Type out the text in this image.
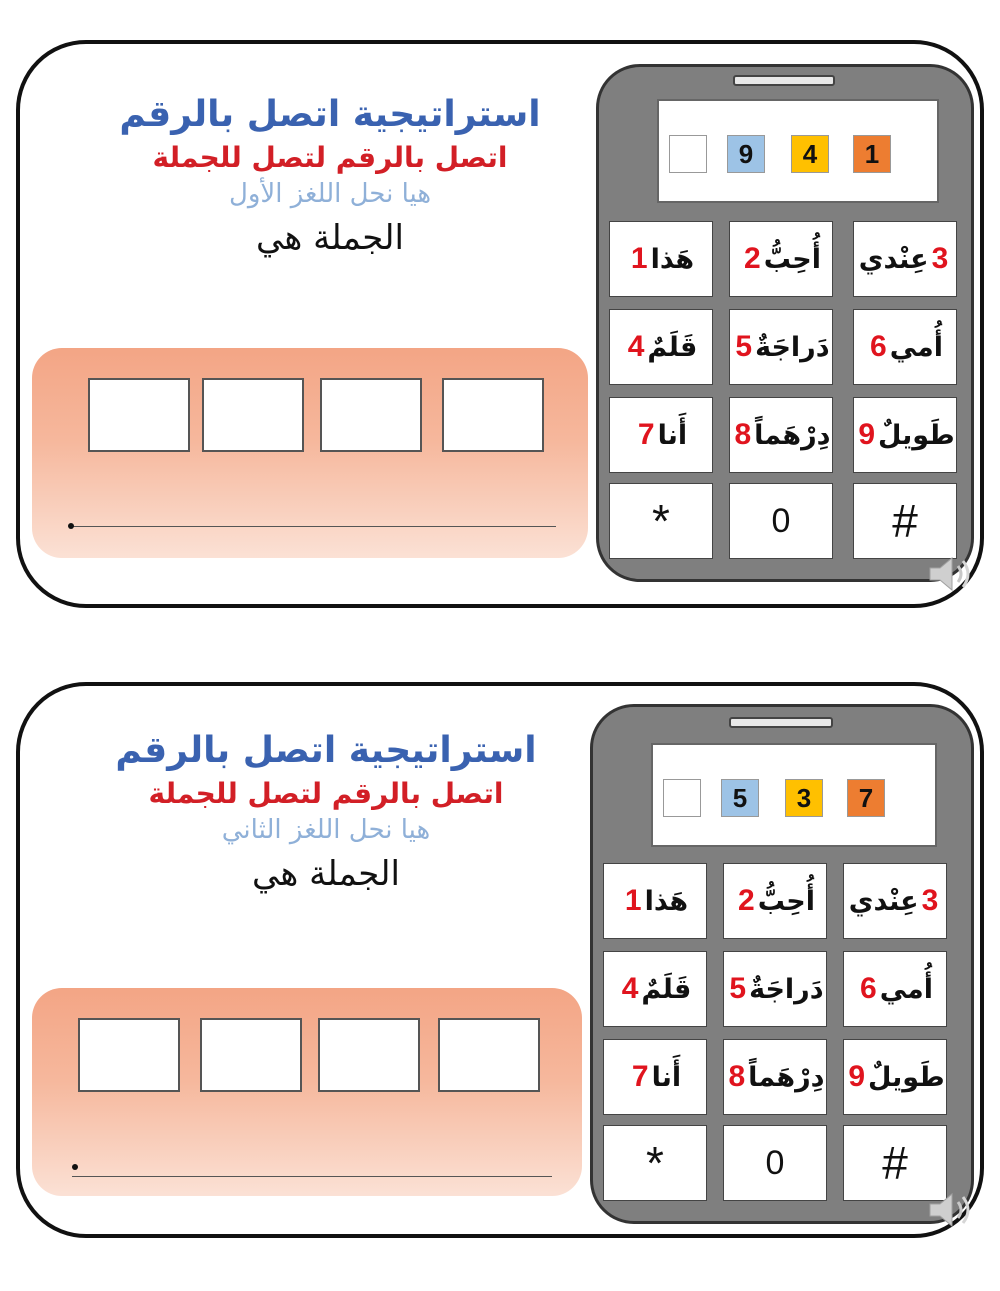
استراتيجية اتصل بالرقم
اتصل بالرقم لتصل للجملة
هيا نحل اللغز الأول
الجملة هي
1
4
9
3
عِنْدي
أُحِبُّ
2
هَذا
1
أُمي
6
دَراجَةٌ
5
قَلَمٌ
4
طَويلٌ
9
دِرْهَماً
8
أَنا
7
#
0
*
استراتيجية اتصل بالرقم
اتصل بالرقم لتصل للجملة
هيا نحل اللغز الثاني
الجملة هي
7
3
5
3
عِنْدي
أُحِبُّ
2
هَذا
1
أُمي
6
دَراجَةٌ
5
قَلَمٌ
4
طَويلٌ
9
دِرْهَماً
8
أَنا
7
#
0
*
